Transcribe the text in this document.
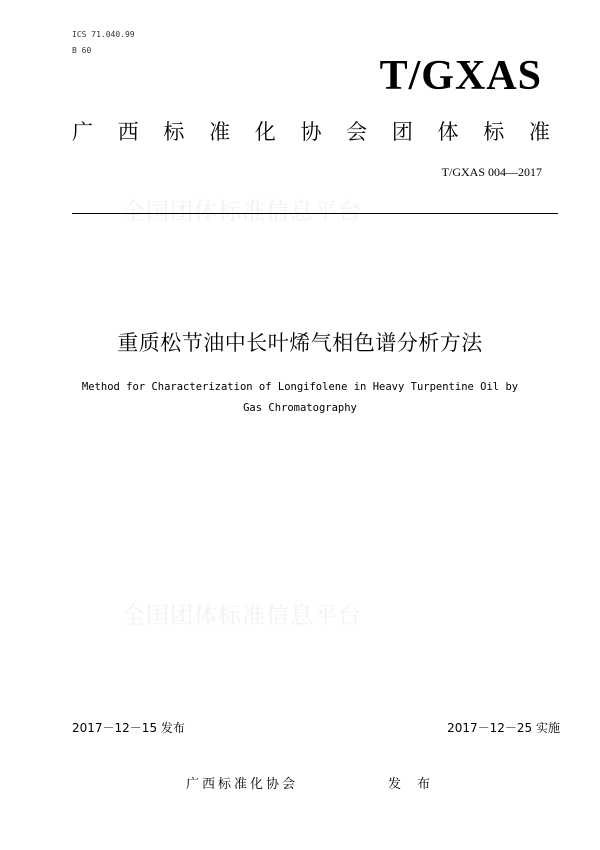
ICS 71.040.99
B 60
T/GXAS
广 西 标 准 化 协 会 团 体 标 准
T/GXAS 004—2017
全国团体标准信息平台
重质松节油中长叶烯气相色谱分析方法
Method for Characterization of Longifolene in Heavy Turpentine Oil by
Gas Chromatography
全国团体标准信息平台
2017－12－15 发布	2017－12－25 实施
广西标准化协会	发 布
